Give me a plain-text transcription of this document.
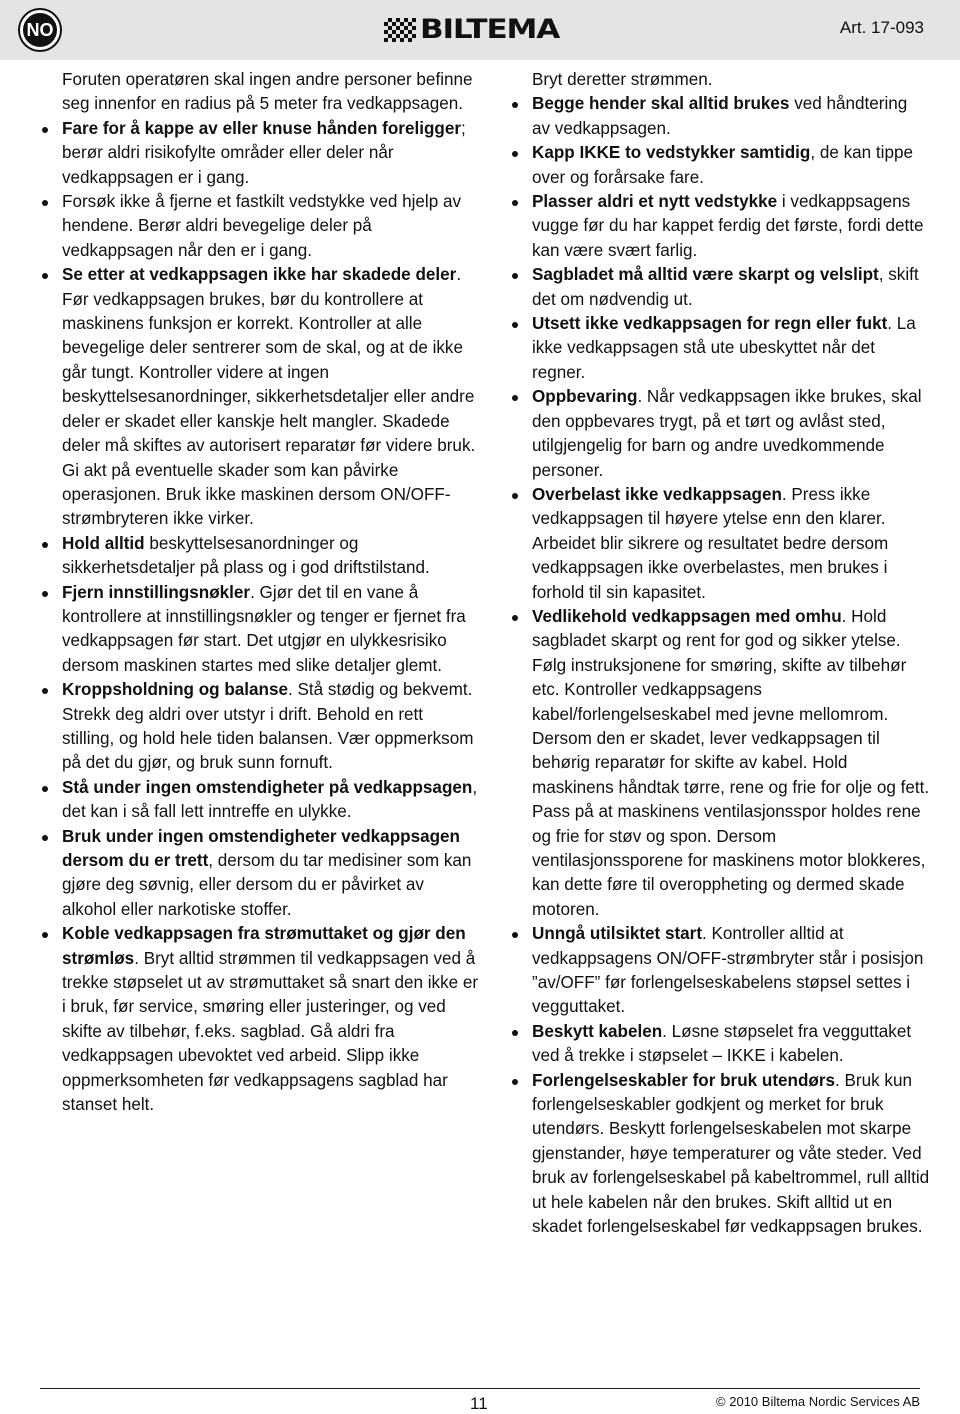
NO	BILTEMA	Art. 17-093

Foruten operatøren skal ingen andre personer befinne seg innenfor en radius på 5 meter fra vedkappsagen.

Fare for å kappe av eller knuse hånden foreligger; berør aldri risikofylte områder eller deler når vedkappsagen er i gang.

Forsøk ikke å fjerne et fastkilt vedstykke ved hjelp av hendene. Berør aldri bevegelige deler på vedkappsagen når den er i gang.

Se etter at vedkappsagen ikke har skadede deler. Før vedkappsagen brukes, bør du kontrollere at maskinens funksjon er korrekt. Kontroller at alle bevegelige deler sentrerer som de skal, og at de ikke går tungt. Kontroller videre at ingen beskyttelsesanordninger, sikkerhetsdetaljer eller andre deler er skadet eller kanskje helt mangler. Skadede deler må skiftes av autorisert reparatør før videre bruk. Gi akt på eventuelle skader som kan påvirke operasjonen. Bruk ikke maskinen dersom ON/OFF-strømbryteren ikke virker.

Hold alltid beskyttelsesanordninger og sikkerhetsdetaljer på plass og i god driftstilstand.

Fjern innstillingsnøkler. Gjør det til en vane å kontrollere at innstillingsnøkler og tenger er fjernet fra vedkappsagen før start. Det utgjør en ulykkesrisiko dersom maskinen startes med slike detaljer glemt.

Kroppsholdning og balanse. Stå stødig og bekvemt. Strekk deg aldri over utstyr i drift. Behold en rett stilling, og hold hele tiden balansen. Vær oppmerksom på det du gjør, og bruk sunn fornuft.

Stå under ingen omstendigheter på vedkappsagen, det kan i så fall lett inntreffe en ulykke.

Bruk under ingen omstendigheter vedkappsagen dersom du er trett, dersom du tar medisiner som kan gjøre deg søvnig, eller dersom du er påvirket av alkohol eller narkotiske stoffer.

Koble vedkappsagen fra strømuttaket og gjør den strømløs. Bryt alltid strømmen til vedkappsagen ved å trekke støpselet ut av strømuttaket så snart den ikke er i bruk, før service, smøring eller justeringer, og ved skifte av tilbehør, f.eks. sagblad. Gå aldri fra vedkappsagen ubevoktet ved arbeid. Slipp ikke oppmerksomheten før vedkappsagens sagblad har stanset helt.

Bryt deretter strømmen.

Begge hender skal alltid brukes ved håndtering av vedkappsagen.

Kapp IKKE to vedstykker samtidig, de kan tippe over og forårsake fare.

Plasser aldri et nytt vedstykke i vedkappsagens vugge før du har kappet ferdig det første, fordi dette kan være svært farlig.

Sagbladet må alltid være skarpt og velslipt, skift det om nødvendig ut.

Utsett ikke vedkappsagen for regn eller fukt. La ikke vedkappsagen stå ute ubeskyttet når det regner.

Oppbevaring. Når vedkappsagen ikke brukes, skal den oppbevares trygt, på et tørt og avlåst sted, utilgjengelig for barn og andre uvedkommende personer.

Overbelast ikke vedkappsagen. Press ikke vedkappsagen til høyere ytelse enn den klarer. Arbeidet blir sikrere og resultatet bedre dersom vedkappsagen ikke overbelastes, men brukes i forhold til sin kapasitet.

Vedlikehold vedkappsagen med omhu. Hold sagbladet skarpt og rent for god og sikker ytelse. Følg instruksjonene for smøring, skifte av tilbehør etc. Kontroller vedkappsagens kabel/forlengelseskabel med jevne mellomrom. Dersom den er skadet, lever vedkappsagen til behørig reparatør for skifte av kabel. Hold maskinens håndtak tørre, rene og frie for olje og fett. Pass på at maskinens ventilasjonsspor holdes rene og frie for støv og spon. Dersom ventilasjonssporene for maskinens motor blokkeres, kan dette føre til overoppheting og dermed skade motoren.

Unngå utilsiktet start. Kontroller alltid at vedkappsagens ON/OFF-strømbryter står i posisjon ”av/OFF” før forlengelseskabelens støpsel settes i vegguttaket.

Beskytt kabelen. Løsne støpselet fra vegguttaket ved å trekke i støpselet – IKKE i kabelen.

Forlengelseskabler for bruk utendørs. Bruk kun forlengelseskabler godkjent og merket for bruk utendørs. Beskytt forlengelseskabelen mot skarpe gjenstander, høye temperaturer og våte steder. Ved bruk av forlengelseskabel på kabeltrommel, rull alltid ut hele kabelen når den brukes. Skift alltid ut en skadet forlengelseskabel før vedkappsagen brukes.

11	© 2010 Biltema Nordic Services AB
